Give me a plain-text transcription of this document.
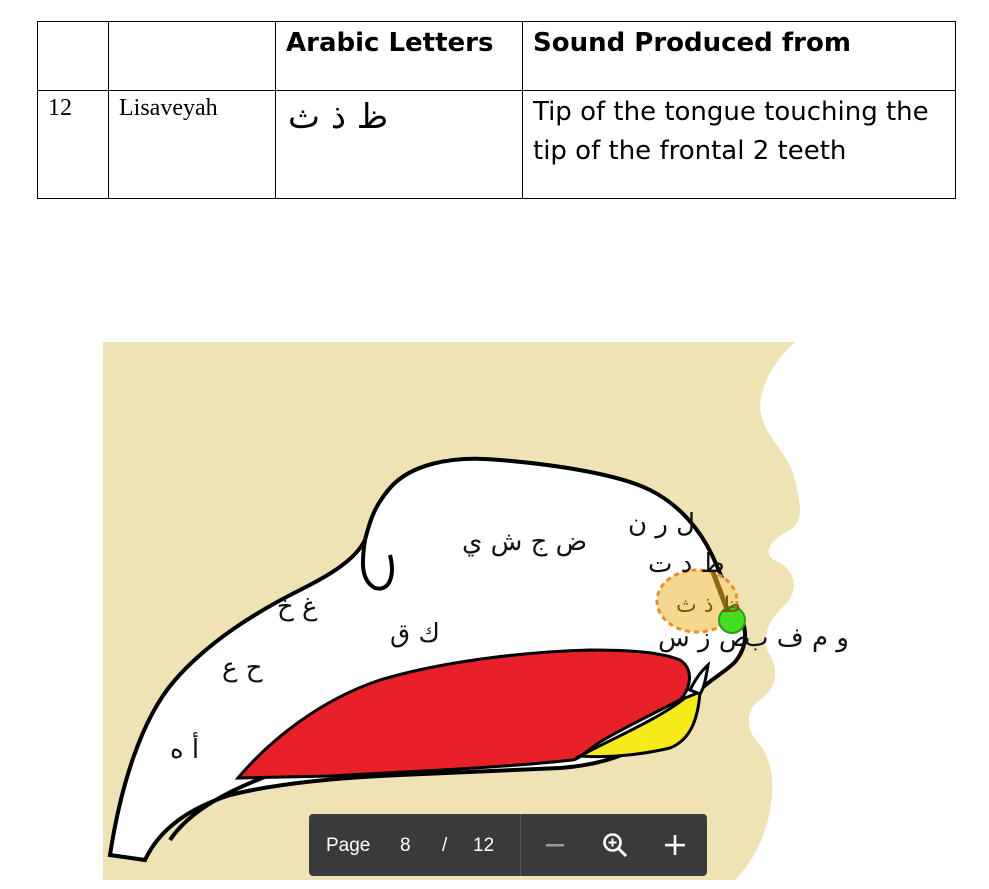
		Arabic Letters	Sound Produced from
12	Lisaveyah	ظ ذ ث	Tip of the tongue touching the tip of the frontal 2 teeth
أ ه
ح ع
غ خ
ك ق
ض ج ش ي
ل ر ن
ط د ت
ظ ذ ث
ص ز س
و م ف ب
Page 8 / 12
